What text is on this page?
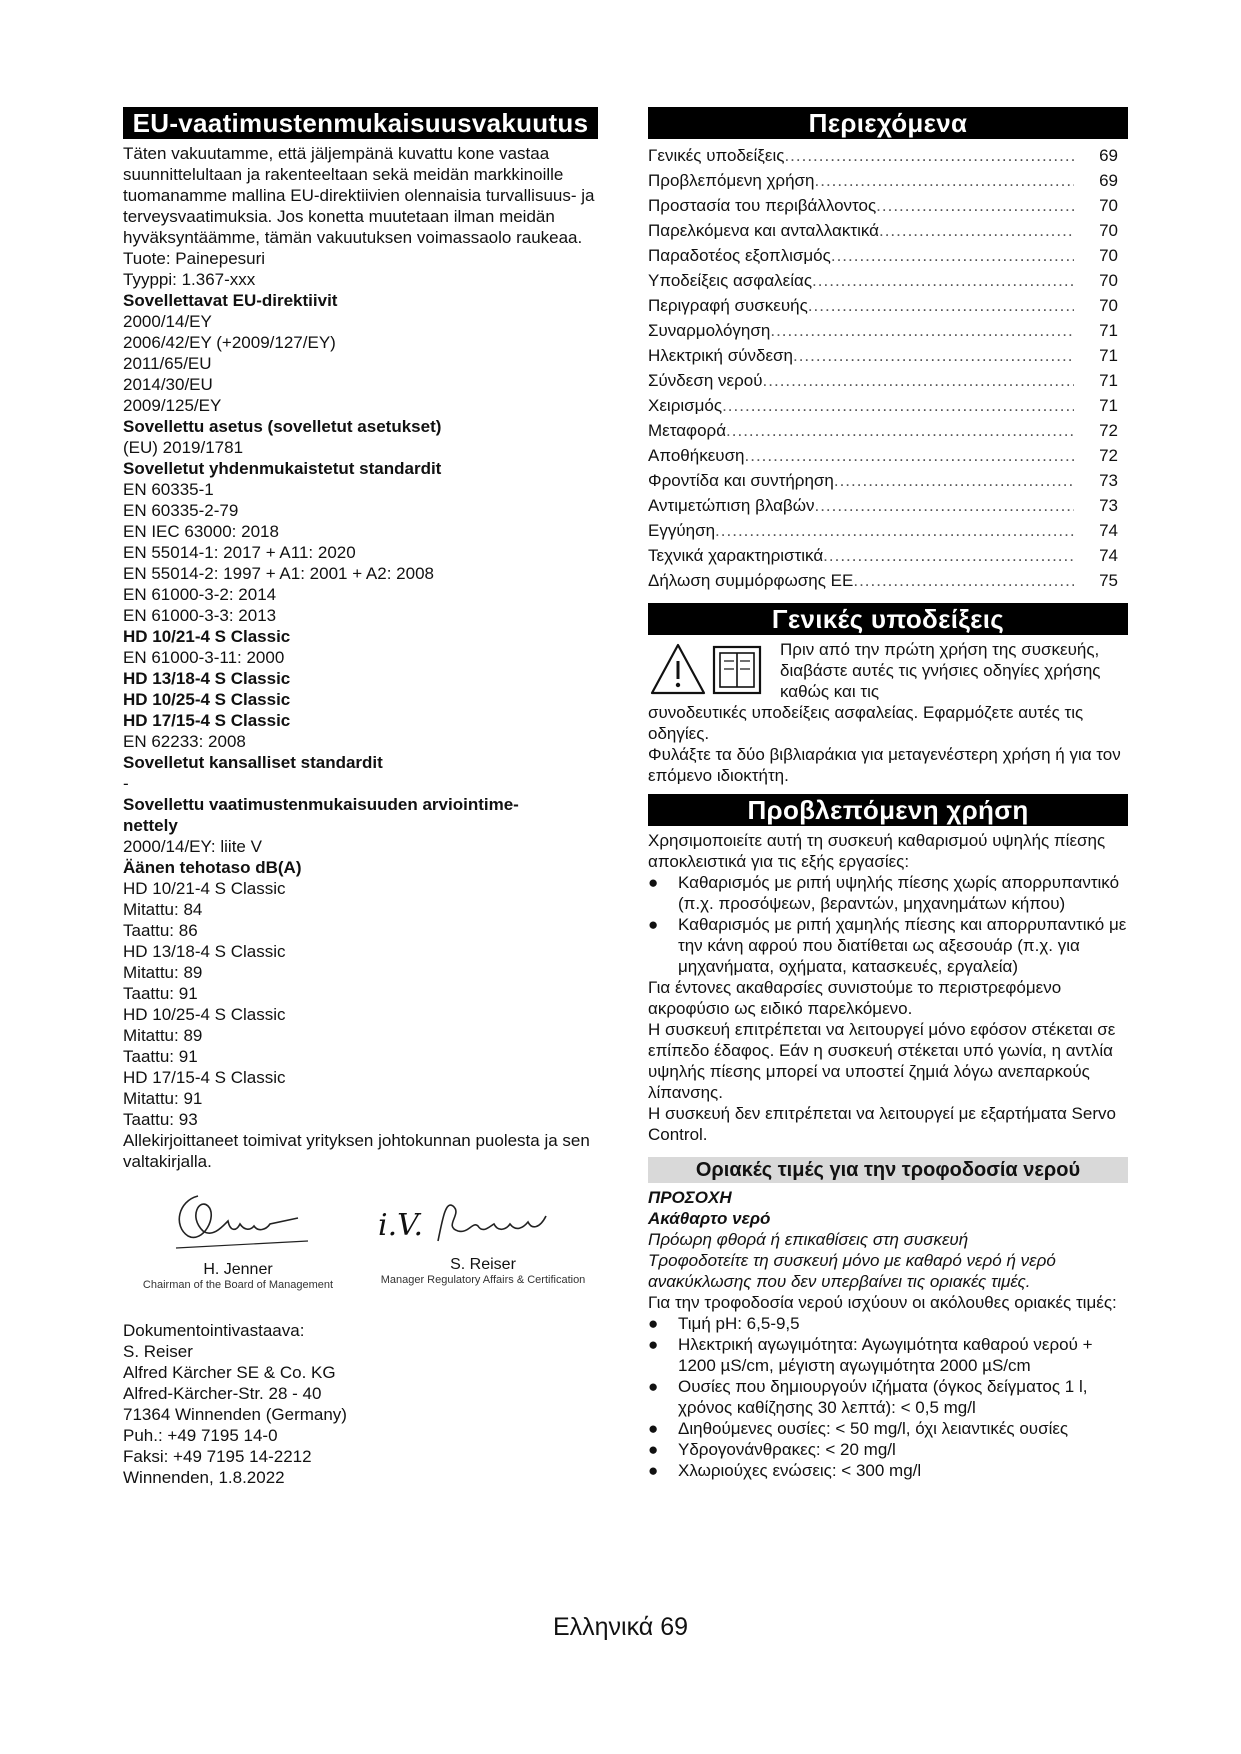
EU-vaatimustenmukaisuusvakuutus

Täten vakuutamme, että jäljempänä kuvattu kone vastaa suunnittelultaan ja rakenteeltaan sekä meidän markkinoille tuomanamme mallina EU-direktiivien olennaisia turvallisuus- ja terveysvaatimuksia. Jos konetta muutetaan ilman meidän hyväksyntäämme, tämän vakuutuksen voimassaolo raukeaa.

Tuote: Painepesuri

Tyyppi: 1.367-xxx

Sovellettavat EU-direktiivit

2000/14/EY

2006/42/EY (+2009/127/EY)

2011/65/EU

2014/30/EU

2009/125/EY

Sovellettu asetus (sovelletut asetukset)

(EU) 2019/1781

Sovelletut yhdenmukaistetut standardit

EN 60335-1

EN 60335-2-79

EN IEC 63000: 2018

EN 55014-1: 2017 + A11: 2020

EN 55014-2: 1997 + A1: 2001 + A2: 2008

EN 61000-3-2: 2014

EN 61000-3-3: 2013

HD 10/21-4 S Classic

EN 61000-3-11: 2000

HD 13/18-4 S Classic

HD 10/25-4 S Classic

HD 17/15-4 S Classic

EN 62233: 2008

Sovelletut kansalliset standardit

-

Sovellettu vaatimustenmukaisuuden arviointime-

nettely

2000/14/EY: liite V

Äänen tehotaso dB(A)

HD 10/21-4 S Classic

Mitattu: 84

Taattu: 86

HD 13/18-4 S Classic

Mitattu: 89

Taattu: 91

HD 10/25-4 S Classic

Mitattu: 89

Taattu: 91

HD 17/15-4 S Classic

Mitattu: 91

Taattu: 93

Allekirjoittaneet toimivat yrityksen johtokunnan puolesta ja sen valtakirjalla.

H. Jenner
Chairman of the Board of Management
i.V.
S. Reiser
Manager Regulatory Affairs & Certification

Dokumentointivastaava:

S. Reiser

Alfred Kärcher SE & Co. KG

Alfred-Kärcher-Str. 28 - 40

71364 Winnenden (Germany)

Puh.: +49 7195 14-0

Faksi: +49 7195 14-2212

Winnenden, 1.8.2022

Περιεχόμενα
Γενικές υποδείξεις .....	69
Προβλεπόμενη χρήση .....	69
Προστασία του περιβάλλοντος .....	70
Παρελκόμενα και ανταλλακτικά .....	70
Παραδοτέος εξοπλισμός .....	70
Υποδείξεις ασφαλείας .....	70
Περιγραφή συσκευής .....	70
Συναρμολόγηση .....	71
Ηλεκτρική σύνδεση .....	71
Σύνδεση νερού .....	71
Χειρισμός .....	71
Μεταφορά .....	72
Αποθήκευση .....	72
Φροντίδα και συντήρηση .....	73
Αντιμετώπιση βλαβών .....	73
Εγγύηση .....	74
Τεχνικά χαρακτηριστικά .....	74
Δήλωση συμμόρφωσης ΕΕ .....	75
Γενικές υποδείξεις

Πριν από την πρώτη χρήση της συσκευής, διαβάστε αυτές τις γνήσιες οδηγίες χρήσης καθώς και τις

συνοδευτικές υποδείξεις ασφαλείας. Εφαρμόζετε αυτές τις οδηγίες.

Φυλάξτε τα δύο βιβλιαράκια για μεταγενέστερη χρήση ή για τον επόμενο ιδιοκτήτη.

Προβλεπόμενη χρήση

Χρησιμοποιείτε αυτή τη συσκευή καθαρισμού υψηλής πίεσης αποκλειστικά για τις εξής εργασίες:

●	Καθαρισμός με ριπή υψηλής πίεσης χωρίς απορρυπαντικό (π.χ. προσόψεων, βεραντών, μηχανημάτων κήπου)
●	Καθαρισμός με ριπή χαμηλής πίεσης και απορρυπαντικό με την κάνη αφρού που διατίθεται ως αξεσουάρ (π.χ. για μηχανήματα, οχήματα, κατασκευές, εργαλεία)

Για έντονες ακαθαρσίες συνιστούμε το περιστρεφόμενο ακροφύσιο ως ειδικό παρελκόμενο.

Η συσκευή επιτρέπεται να λειτουργεί μόνο εφόσον στέκεται σε επίπεδο έδαφος. Εάν η συσκευή στέκεται υπό γωνία, η αντλία υψηλής πίεσης μπορεί να υποστεί ζημιά λόγω ανεπαρκούς λίπανσης.

Η συσκευή δεν επιτρέπεται να λειτουργεί με εξαρτήματα Servo Control.

Οριακές τιμές για την τροφοδοσία νερού

ΠΡΟΣΟΧΗ

Ακάθαρτο νερό

Πρόωρη φθορά ή επικαθίσεις στη συσκευή

Τροφοδοτείτε τη συσκευή μόνο με καθαρό νερό ή νερό ανακύκλωσης που δεν υπερβαίνει τις οριακές τιμές.

Για την τροφοδοσία νερού ισχύουν οι ακόλουθες οριακές τιμές:

●	Τιμή pH: 6,5-9,5
●	Ηλεκτρική αγωγιμότητα: Αγωγιμότητα καθαρού νερού + 1200 µS/cm, μέγιστη αγωγιμότητα 2000 µS/cm
●	Ουσίες που δημιουργούν ιζήματα (όγκος δείγματος 1 l, χρόνος καθίζησης 30 λεπτά): < 0,5 mg/l
●	Διηθούμενες ουσίες: < 50 mg/l, όχι λειαντικές ουσίες
●	Υδρογονάνθρακες: < 20 mg/l
●	Χλωριούχες ενώσεις: < 300 mg/l
Ελληνικά 69
